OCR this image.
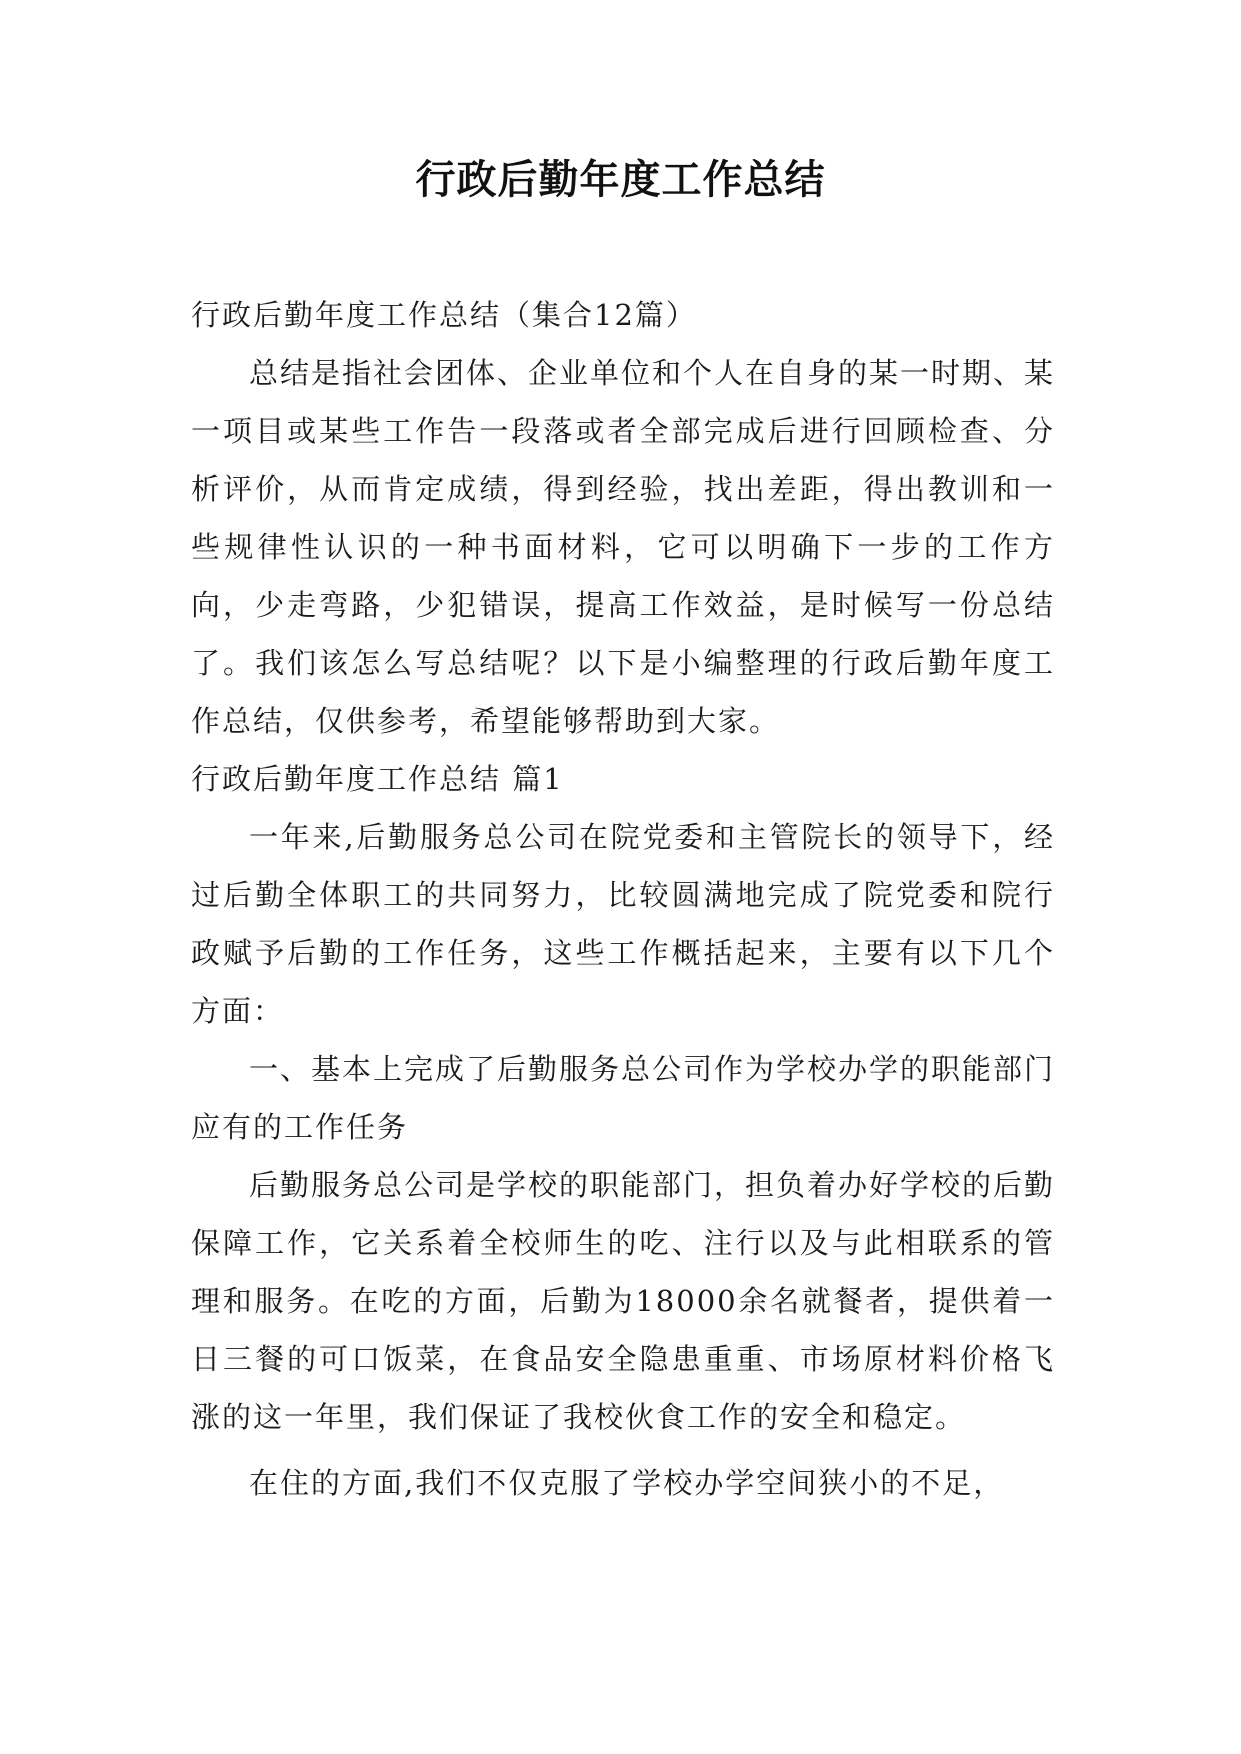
行政后勤年度工作总结

行政后勤年度工作总结（集合12篇）

总结是指社会团体、企业单位和个人在自身的某一时期、某一项目或某些工作告一段落或者全部完成后进行回顾检查、分析评价，从而肯定成绩，得到经验，找出差距，得出教训和一些规律性认识的一种书面材料，它可以明确下一步的工作方向，少走弯路，少犯错误，提高工作效益，是时候写一份总结了。我们该怎么写总结呢？以下是小编整理的行政后勤年度工作总结，仅供参考，希望能够帮助到大家。

行政后勤年度工作总结 篇1

一年来,后勤服务总公司在院党委和主管院长的领导下，经过后勤全体职工的共同努力，比较圆满地完成了院党委和院行政赋予后勤的工作任务，这些工作概括起来，主要有以下几个方面：

一、基本上完成了后勤服务总公司作为学校办学的职能部门应有的工作任务

后勤服务总公司是学校的职能部门，担负着办好学校的后勤保障工作，它关系着全校师生的吃、注行以及与此相联系的管理和服务。在吃的方面，后勤为18000余名就餐者，提供着一日三餐的可口饭菜，在食品安全隐患重重、市场原材料价格飞涨的这一年里，我们保证了我校伙食工作的安全和稳定。

在住的方面,我们不仅克服了学校办学空间狭小的不足，
